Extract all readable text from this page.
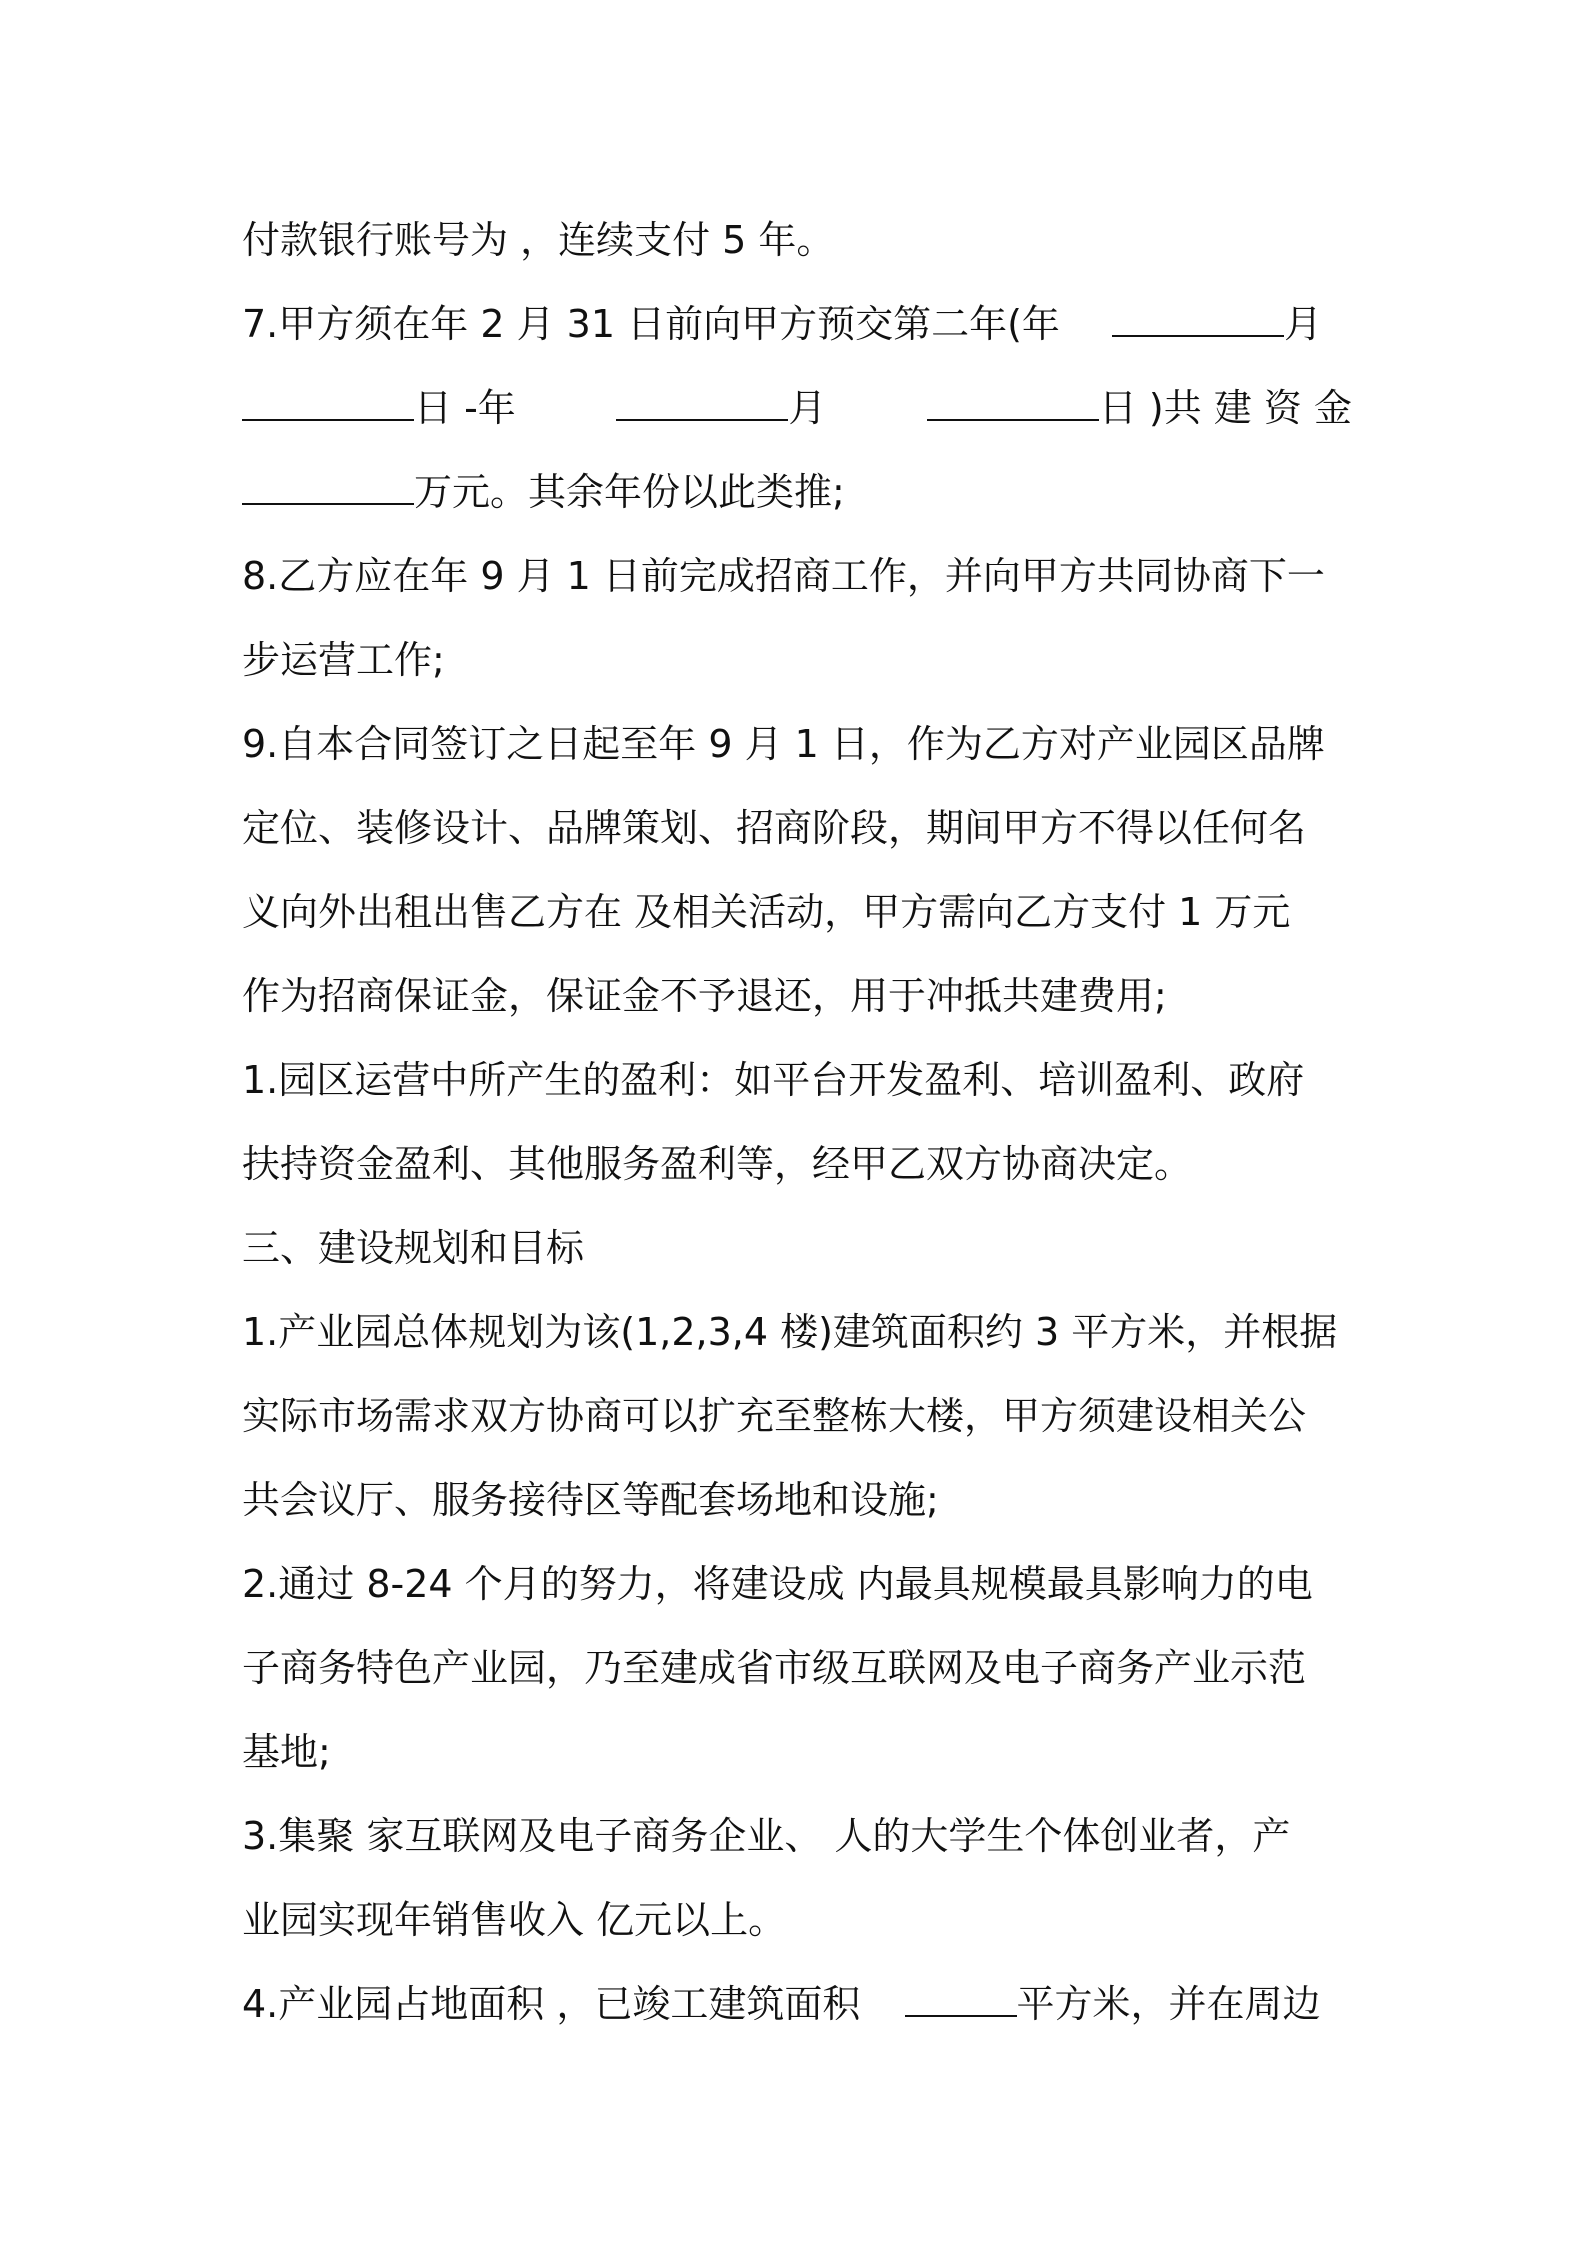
付款银行账号为 ，连续支付 5 年。
7.甲方须在年 2 月 31 日前向甲方预交第二年(年	月
日 -年	月	日 )共 建 资 金
万元。其余年份以此类推;
8.乙方应在年 9 月 1 日前完成招商工作，并向甲方共同协商下一
步运营工作;
9.自本合同签订之日起至年 9 月 1 日，作为乙方对产业园区品牌
定位、装修设计、品牌策划、招商阶段，期间甲方不得以任何名
义向外出租出售乙方在 及相关活动，甲方需向乙方支付 1 万元
作为招商保证金，保证金不予退还，用于冲抵共建费用;
1.园区运营中所产生的盈利：如平台开发盈利、培训盈利、政府
扶持资金盈利、其他服务盈利等，经甲乙双方协商决定。
三、建设规划和目标
1.产业园总体规划为该(1,2,3,4 楼)建筑面积约 3 平方米，并根据
实际市场需求双方协商可以扩充至整栋大楼，甲方须建设相关公
共会议厅、服务接待区等配套场地和设施;
2.通过 8-24 个月的努力，将建设成 内最具规模最具影响力的电
子商务特色产业园，乃至建成省市级互联网及电子商务产业示范
基地;
3.集聚 家互联网及电子商务企业、 人的大学生个体创业者，产
业园实现年销售收入 亿元以上。
4.产业园占地面积 ，已竣工建筑面积	平方米，并在周边
